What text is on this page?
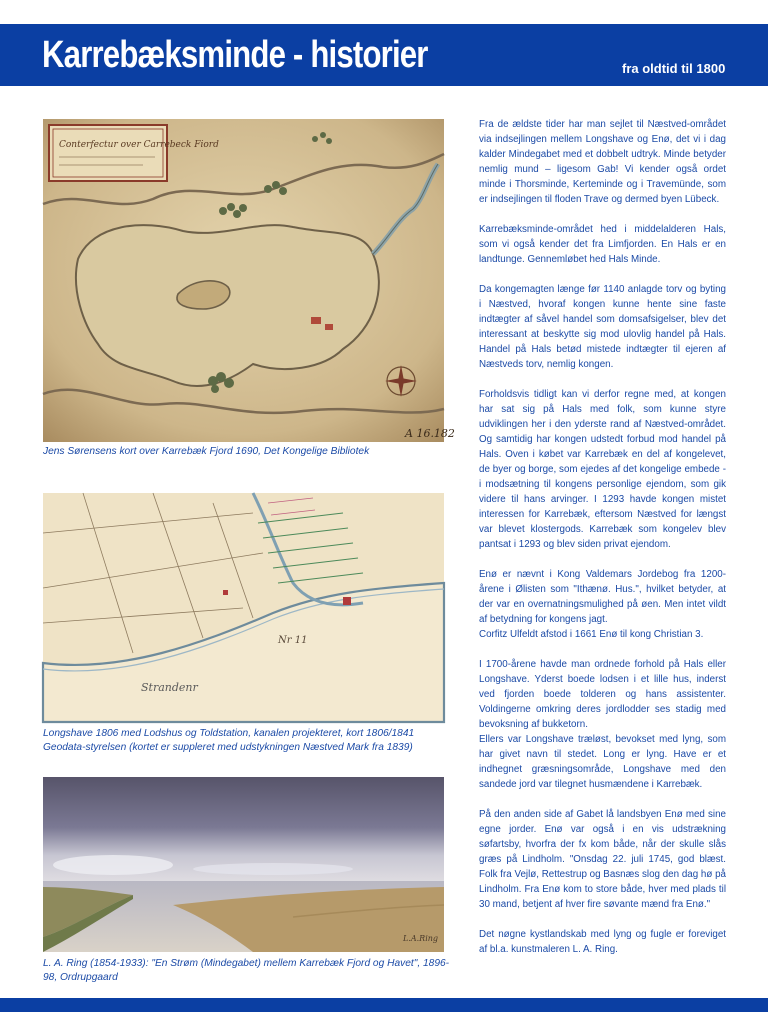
Karrebæksminde - historier	fra oldtid til 1800
Conterfectur over Carrebeck Fiord
A 16.182
Jens Sørensens kort over Karrebæk Fjord 1690, Det Kongelige Bibliotek
Nr 11
Strandenr
Longshave 1806 med Lodshus og Toldstation, kanalen projekteret, kort 1806/1841 Geodata-styrelsen (kortet er suppleret med udstykningen Næstved Mark fra 1839)
L.A.Ring
L. A. Ring (1854-1933): "En Strøm (Mindegabet) mellem Karrebæk Fjord og Havet", 1896-98, Ordrupgaard

Fra de ældste tider har man sejlet til Næstved-området via indsejlingen mellem Longshave og Enø, det vi i dag kalder Mindegabet med et dobbelt udtryk. Minde betyder nemlig mund – ligesom Gab! Vi kender også ordet minde i Thorsminde, Kerteminde og i Travemünde, som er indsejlingen til floden Trave og dermed byen Lübeck.

Karrebæksminde-området hed i middelalderen Hals, som vi også kender det fra Limfjorden. En Hals er en landtunge. Gennemløbet hed Hals Minde.

Da kongemagten længe før 1140 anlagde torv og byting i Næstved, hvoraf kongen kunne hente sine faste indtægter af såvel handel som domsafsigelser, blev det interessant at beskytte sig mod ulovlig handel på Hals. Handel på Hals betød mistede indtægter til ejeren af Næstveds torv, nemlig kongen.

Forholdsvis tidligt kan vi derfor regne med, at kongen har sat sig på Hals med folk, som kunne styre udviklingen her i den yderste rand af Næstved-området. Og samtidig har kongen udstedt forbud mod handel på Hals. Oven i købet var Karrebæk en del af kongelevet, de byer og borge, som ejedes af det kongelige embede - i modsætning til kongens personlige ejendom, som gik videre til hans arvinger. I 1293 havde kongen mistet interessen for Karrebæk, eftersom Næstved for længst var blevet klostergods. Karrebæk som kongelev blev pantsat i 1293 og blev siden privat ejendom.

Enø er nævnt i Kong Valdemars Jordebog fra 1200-årene i Ølisten som "Ithænø. Hus.", hvilket betyder, at der var en overnatningsmulighed på øen. Men intet vildt af betydning for kongens jagt.

Corfitz Ulfeldt afstod i 1661 Enø til kong Christian 3.

I 1700-årene havde man ordnede forhold på Hals eller Longshave. Yderst boede lodsen i et lille hus, inderst ved fjorden boede tolderen og hans assistenter. Voldingerne omkring deres jordlodder ses stadig med bevoksning af bukketorn.

Ellers var Longshave træløst, bevokset med lyng, som har givet navn til stedet. Long er lyng. Have er et indhegnet græsningsområde, Longshave med den sandede jord var tilegnet husmændene i Karrebæk.

På den anden side af Gabet lå landsbyen Enø med sine egne jorder. Enø var også i en vis udstrækning søfartsby, hvorfra der fx kom både, når der skulle slås græs på Lindholm. "Onsdag 22. juli 1745, god blæst. Folk fra Vejlø, Rettestrup og Basnæs slog den dag hø på Lindholm. Fra Enø kom to store både, hver med plads til 30 mand, betjent af hver fire søvante mænd fra Enø."

Det nøgne kystlandskab med lyng og fugle er foreviget af bl.a. kunstmaleren L. A. Ring.
